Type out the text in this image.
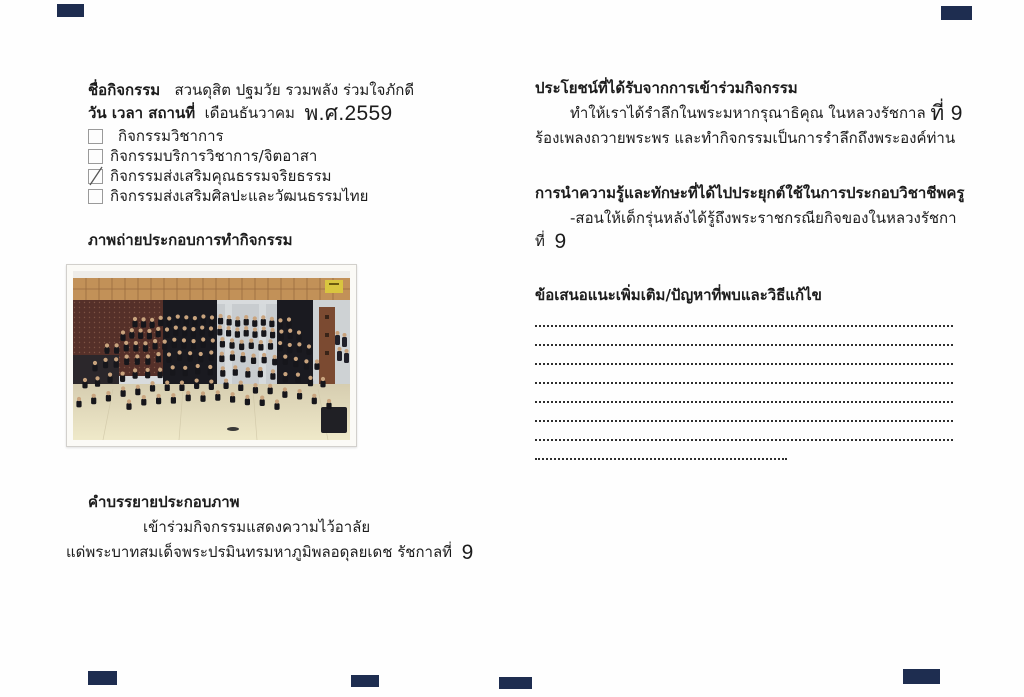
ชื่อกิจกรรม สวนดุสิต ปฐมวัย รวมพลัง ร่วมใจภักดี
วัน เวลา สถานที่ เดือนธันวาคม พ.ศ.2559
กิจกรรมวิชาการ
กิจกรรมบริการวิชาการ/จิตอาสา
กิจกรรมส่งเสริมคุณธรรมจริยธรรม
กิจกรรมส่งเสริมศิลปะและวัฒนธรรมไทย
ภาพถ่ายประกอบการทำกิจกรรม
คำบรรยายประกอบภาพ
เข้าร่วมกิจกรรมแสดงความไว้อาลัย
แด่พระบาทสมเด็จพระปรมินทรมหาภูมิพลอดุลยเดช รัชกาลที่ 9
ประโยชน์ที่ได้รับจากการเข้าร่วมกิจกรรม
ทำให้เราได้รำลึกในพระมหากรุณาธิคุณ ในหลวงรัชกาล ที่ 9
ร้องเพลงถวายพระพร และทำกิจกรรมเป็นการรำลึกถึงพระองค์ท่าน
การนำความรู้และทักษะที่ได้ไปประยุกต์ใช้ในการประกอบวิชาชีพครู
-สอนให้เด็กรุ่นหลังได้รู้ถึงพระราชกรณียกิจของในหลวงรัชกา
ที่ 9
ข้อเสนอแนะเพิ่มเติม/ปัญหาที่พบและวิธีแก้ไข
